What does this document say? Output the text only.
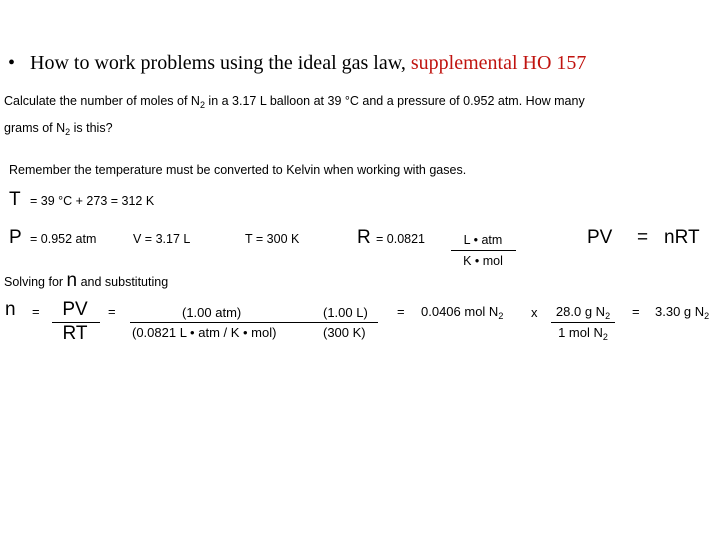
• How to work problems using the ideal gas law, supplemental HO 157
Calculate the number of moles of $N_2$ in a 3.17 L balloon at 39 °C and a pressure of 0.952 atm. How many
grams of $N_2$ is this?
Remember the temperature must be converted to Kelvin when working with gases.
T = 39 °C + 273 = 312 K
P = 0.952 atm	V = 3.17 L	T = 300 K	R = 0.0821	L • atm
K • mol
PV = nRT
Solving for n and substituting
n =	PV
RT
=	(1.00 atm)	(1.00 L)
(0.0821 L • atm / K • mol)	(300 K)
= 0.0406 mol $N_2$ x	28.0 g $N_2$
1 mol $N_2$
= 3.30 g $N_2$
